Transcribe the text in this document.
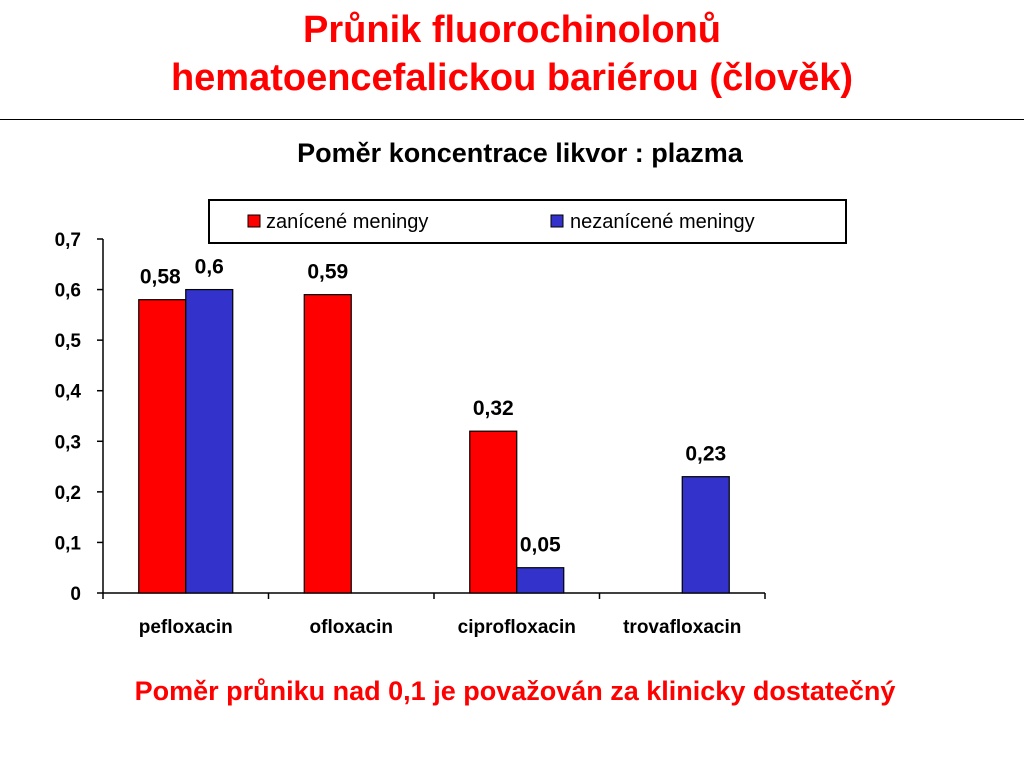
Průnik fluorochinolonů
hematoencefalickou bariérou (člověk)
Poměr koncentrace likvor : plazma
0
0,1
0,2
0,3
0,4
0,5
0,6
0,7
pefloxacin	ofloxacin	ciprofloxacin trovafloxacin
0,58	0,59
0,32
0,6
0,05
0,23
zanícené meningy	nezanícené meningy
Poměr průniku nad 0,1 je považován za klinicky dostatečný
